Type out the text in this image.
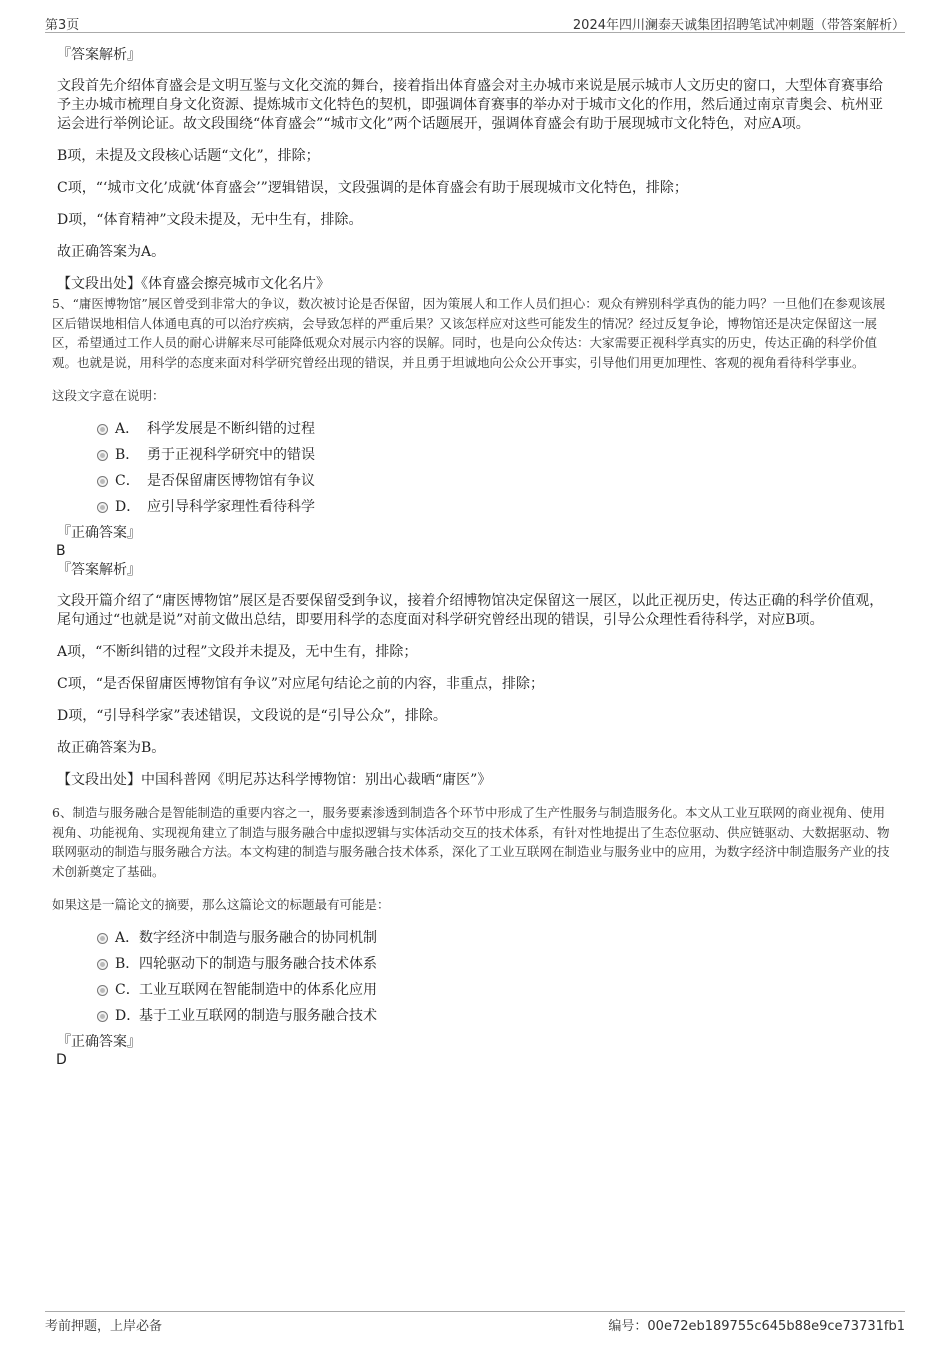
第3页	2024年四川澜泰天诚集团招聘笔试冲刺题（带答案解析）
『答案解析』
文段首先介绍体育盛会是文明互鉴与文化交流的舞台，接着指出体育盛会对主办城市来说是展示城市人文历史的窗口，大型体育赛事给予主办城市梳理自身文化资源、提炼城市文化特色的契机，即强调体育赛事的举办对于城市文化的作用，然后通过南京青奥会、杭州亚运会进行举例论证。故文段围绕“体育盛会”“城市文化”两个话题展开，强调体育盛会有助于展现城市文化特色，对应A项。
B项，未提及文段核心话题“文化”，排除；
C项，“‘城市文化’成就‘体育盛会’”逻辑错误，文段强调的是体育盛会有助于展现城市文化特色，排除；
D项，“体育精神”文段未提及，无中生有，排除。
故正确答案为A。
【文段出处】《体育盛会擦亮城市文化名片》
5、“庸医博物馆”展区曾受到非常大的争议，数次被讨论是否保留，因为策展人和工作人员们担心：观众有辨别科学真伪的能力吗？一旦他们在参观该展区后错误地相信人体通电真的可以治疗疾病，会导致怎样的严重后果？又该怎样应对这些可能发生的情况？经过反复争论，博物馆还是决定保留这一展区，希望通过工作人员的耐心讲解来尽可能降低观众对展示内容的误解。同时，也是向公众传达：大家需要正视科学真实的历史，传达正确的科学价值观。也就是说，用科学的态度来面对科学研究曾经出现的错误，并且勇于坦诚地向公众公开事实，引导他们用更加理性、客观的视角看待科学事业。
这段文字意在说明：
A． 科学发展是不断纠错的过程
B． 勇于正视科学研究中的错误
C． 是否保留庸医博物馆有争议
D． 应引导科学家理性看待科学
『正确答案』
B
『答案解析』
文段开篇介绍了“庸医博物馆”展区是否要保留受到争议，接着介绍博物馆决定保留这一展区，以此正视历史，传达正确的科学价值观，尾句通过“也就是说”对前文做出总结，即要用科学的态度面对科学研究曾经出现的错误，引导公众理性看待科学，对应B项。
A项，“不断纠错的过程”文段并未提及，无中生有，排除；
C项，“是否保留庸医博物馆有争议”对应尾句结论之前的内容，非重点，排除；
D项，“引导科学家”表述错误，文段说的是“引导公众”，排除。
故正确答案为B。
【文段出处】中国科普网《明尼苏达科学博物馆：别出心裁晒“庸医”》
6、制造与服务融合是智能制造的重要内容之一，服务要素渗透到制造各个环节中形成了生产性服务与制造服务化。本文从工业互联网的商业视角、使用视角、功能视角、实现视角建立了制造与服务融合中虚拟逻辑与实体活动交互的技术体系，有针对性地提出了生态位驱动、供应链驱动、大数据驱动、物联网驱动的制造与服务融合方法。本文构建的制造与服务融合技术体系，深化了工业互联网在制造业与服务业中的应用，为数字经济中制造服务产业的技术创新奠定了基础。
如果这是一篇论文的摘要，那么这篇论文的标题最有可能是：
A． 数字经济中制造与服务融合的协同机制
B． 四轮驱动下的制造与服务融合技术体系
C． 工业互联网在智能制造中的体系化应用
D．
基于工业互联网的制造与服务融合技术
『正确答案』
D
考前押题，上岸必备	编号：00e72eb189755c645b88e9ce73731fb1
